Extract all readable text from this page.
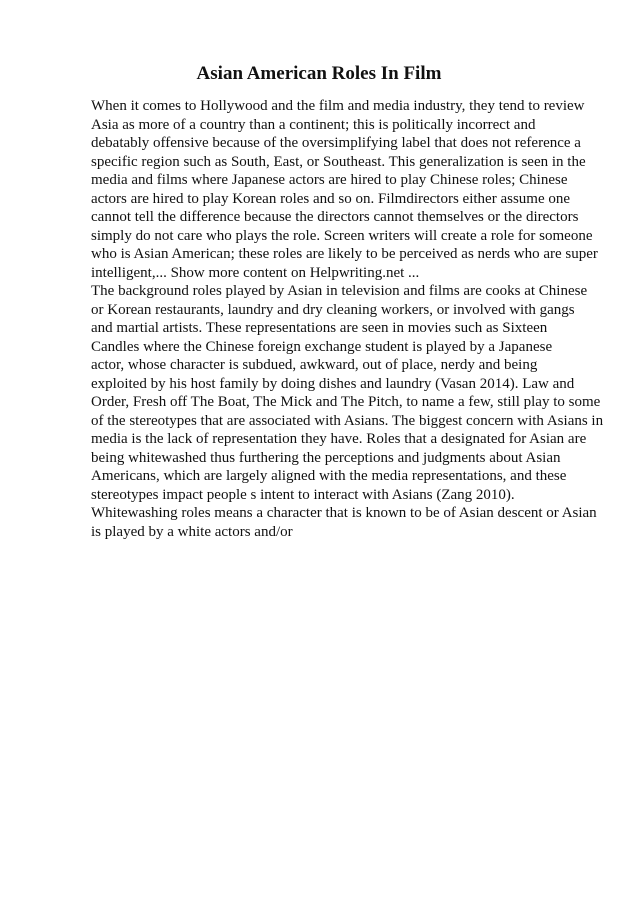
Asian American Roles In Film
When it comes to Hollywood and the film and media industry, they tend to review
Asia as more of a country than a continent; this is politically incorrect and
debatably offensive because of the oversimplifying label that does not reference a
specific region such as South, East, or Southeast. This generalization is seen in the
media and films where Japanese actors are hired to play Chinese roles; Chinese
actors are hired to play Korean roles and so on. Filmdirectors either assume one
cannot tell the difference because the directors cannot themselves or the directors
simply do not care who plays the role. Screen writers will create a role for someone
who is Asian American; these roles are likely to be perceived as nerds who are super
intelligent,... Show more content on Helpwriting.net ...
The background roles played by Asian in television and films are cooks at Chinese
or Korean restaurants, laundry and dry cleaning workers, or involved with gangs
and martial artists. These representations are seen in movies such as Sixteen
Candles where the Chinese foreign exchange student is played by a Japanese
actor, whose character is subdued, awkward, out of place, nerdy and being
exploited by his host family by doing dishes and laundry (Vasan 2014). Law and
Order, Fresh off The Boat, The Mick and The Pitch, to name a few, still play to some
of the stereotypes that are associated with Asians. The biggest concern with Asians in
media is the lack of representation they have. Roles that a designated for Asian are
being whitewashed thus furthering the perceptions and judgments about Asian
Americans, which are largely aligned with the media representations, and these
stereotypes impact people s intent to interact with Asians (Zang 2010).
Whitewashing roles means a character that is known to be of Asian descent or Asian
is played by a white actors and/or
